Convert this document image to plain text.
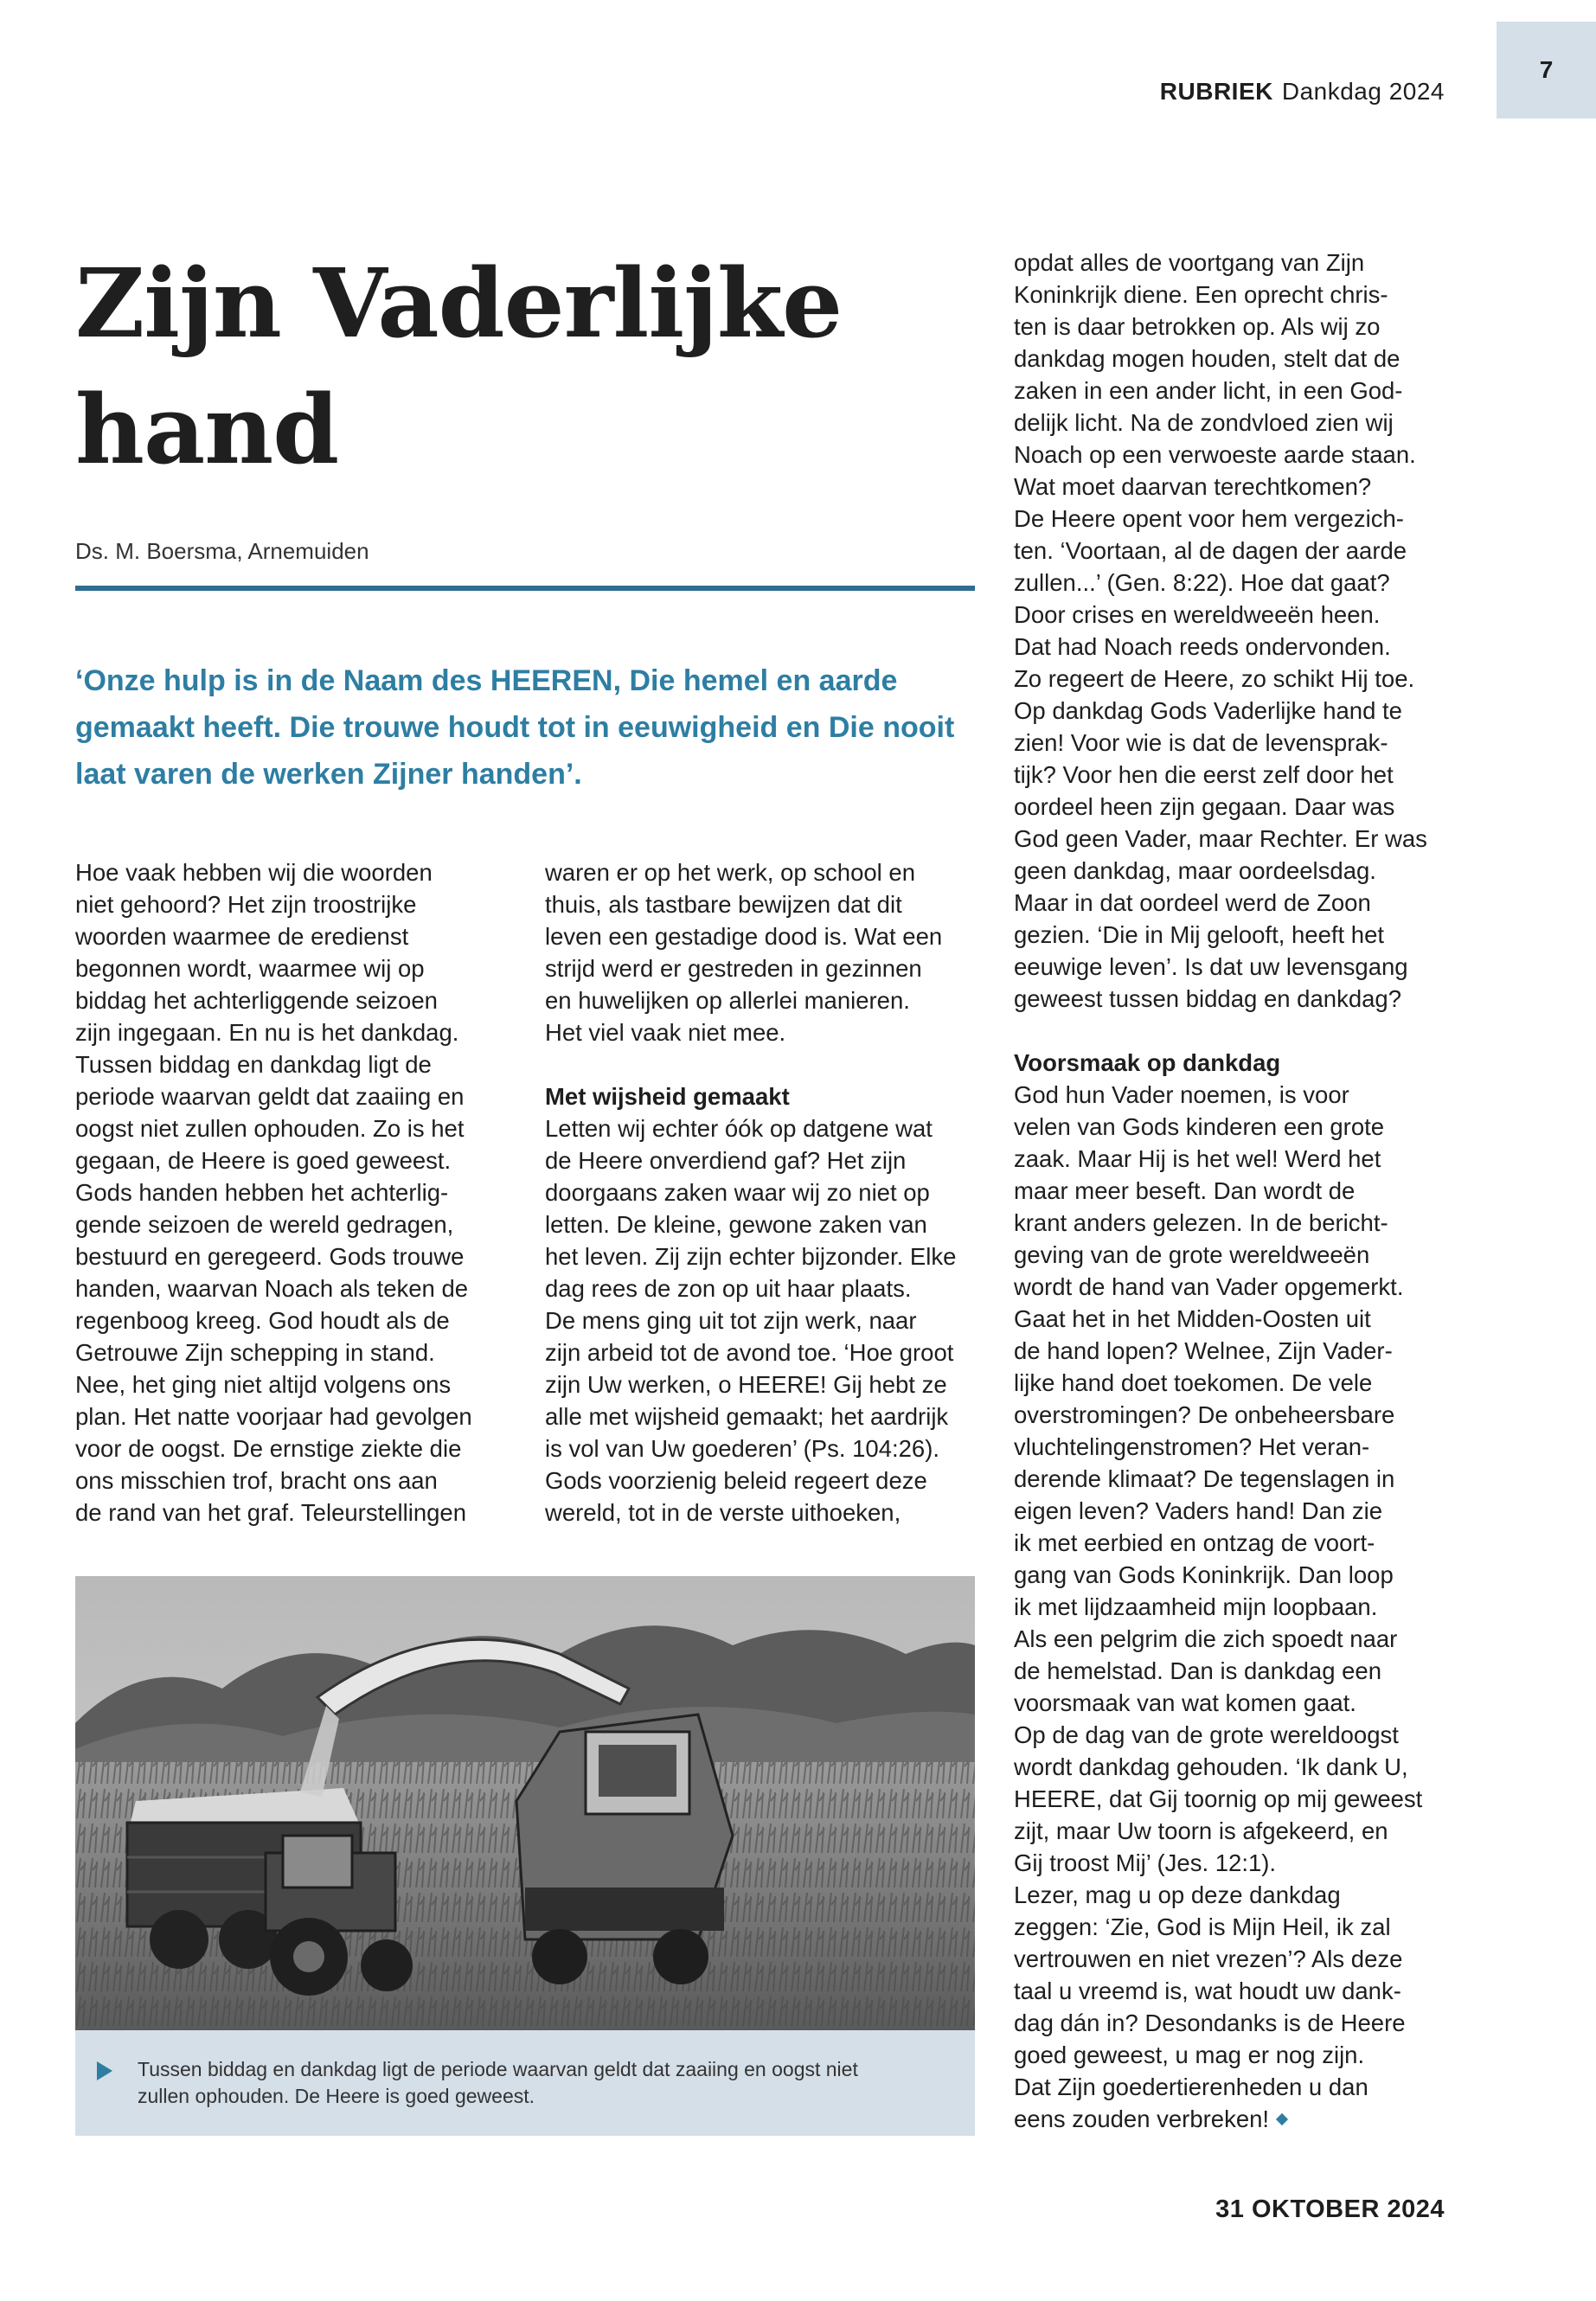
RUBRIEK Dankdag 2024
7
Zijn Vaderlijke
hand
Ds. M. Boersma, Arnemuiden
‘Onze hulp is in de Naam des HEEREN, Die hemel en aarde gemaakt heeft. Die trouwe houdt tot in eeuwigheid en Die nooit laat varen de werken Zijner handen’.

Hoe vaak hebben wij die woorden

niet gehoord? Het zijn troostrijke

woorden waarmee de eredienst

begonnen wordt, waarmee wij op

biddag het achterliggende seizoen

zijn ingegaan. En nu is het dankdag.

Tussen biddag en dankdag ligt de

periode waarvan geldt dat zaaiing en

oogst niet zullen ophouden. Zo is het

gegaan, de Heere is goed geweest.

Gods handen hebben het achterlig-

gende seizoen de wereld gedragen,

bestuurd en geregeerd. Gods trouwe

handen, waarvan Noach als teken de

regenboog kreeg. God houdt als de

Getrouwe Zijn schepping in stand.

Nee, het ging niet altijd volgens ons

plan. Het natte voorjaar had gevolgen

voor de oogst. De ernstige ziekte die

ons misschien trof, bracht ons aan

de rand van het graf. Teleurstellingen

waren er op het werk, op school en

thuis, als tastbare bewijzen dat dit

leven een gestadige dood is. Wat een

strijd werd er gestreden in gezinnen

en huwelijken op allerlei manieren.

Het viel vaak niet mee.

Met wijsheid gemaakt

Letten wij echter óók op datgene wat

de Heere onverdiend gaf? Het zijn

doorgaans zaken waar wij zo niet op

letten. De kleine, gewone zaken van

het leven. Zij zijn echter bijzonder. Elke

dag rees de zon op uit haar plaats.

De mens ging uit tot zijn werk, naar

zijn arbeid tot de avond toe. ‘Hoe groot

zijn Uw werken, o HEERE! Gij hebt ze

alle met wijsheid gemaakt; het aardrijk

is vol van Uw goederen’ (Ps. 104:26).

Gods voorzienig beleid regeert deze

wereld, tot in de verste uithoeken,

opdat alles de voortgang van Zijn

Koninkrijk diene. Een oprecht chris-

ten is daar betrokken op. Als wij zo

dankdag mogen houden, stelt dat de

zaken in een ander licht, in een God-

delijk licht. Na de zondvloed zien wij

Noach op een verwoeste aarde staan.

Wat moet daarvan terechtkomen?

De Heere opent voor hem vergezich-

ten. ‘Voortaan, al de dagen der aarde

zullen...’ (Gen. 8:22). Hoe dat gaat?

Door crises en wereldweeën heen.

Dat had Noach reeds ondervonden.

Zo regeert de Heere, zo schikt Hij toe.

Op dankdag Gods Vaderlijke hand te

zien! Voor wie is dat de levensprak-

tijk? Voor hen die eerst zelf door het

oordeel heen zijn gegaan. Daar was

God geen Vader, maar Rechter. Er was

geen dankdag, maar oordeelsdag.

Maar in dat oordeel werd de Zoon

gezien. ‘Die in Mij gelooft, heeft het

eeuwige leven’. Is dat uw levensgang

geweest tussen biddag en dankdag?

Voorsmaak op dankdag

God hun Vader noemen, is voor

velen van Gods kinderen een grote

zaak. Maar Hij is het wel! Werd het

maar meer beseft. Dan wordt de

krant anders gelezen. In de bericht-

geving van de grote wereldweeën

wordt de hand van Vader opgemerkt.

Gaat het in het Midden-Oosten uit

de hand lopen? Welnee, Zijn Vader-

lijke hand doet toekomen. De vele

overstromingen? De onbeheersbare

vluchtelingenstromen? Het veran-

derende klimaat? De tegenslagen in

eigen leven? Vaders hand! Dan zie

ik met eerbied en ontzag de voort-

gang van Gods Koninkrijk. Dan loop

ik met lijdzaamheid mijn loopbaan.

Als een pelgrim die zich spoedt naar

de hemelstad. Dan is dankdag een

voorsmaak van wat komen gaat.

Op de dag van de grote wereldoogst

wordt dankdag gehouden. ‘Ik dank U,

HEERE, dat Gij toornig op mij geweest

zijt, maar Uw toorn is afgekeerd, en

Gij troost Mij’ (Jes. 12:1).

Lezer, mag u op deze dankdag

zeggen: ‘Zie, God is Mijn Heil, ik zal

vertrouwen en niet vrezen’? Als deze

taal u vreemd is, wat houdt uw dank-

dag dán in? Desondanks is de Heere

goed geweest, u mag er nog zijn.

Dat Zijn goedertierenheden u dan

eens zouden verbreken!

Tussen biddag en dankdag ligt de periode waarvan geldt dat zaaiing en oogst niet
zullen ophouden. De Heere is goed geweest.
31 OKTOBER 2024
